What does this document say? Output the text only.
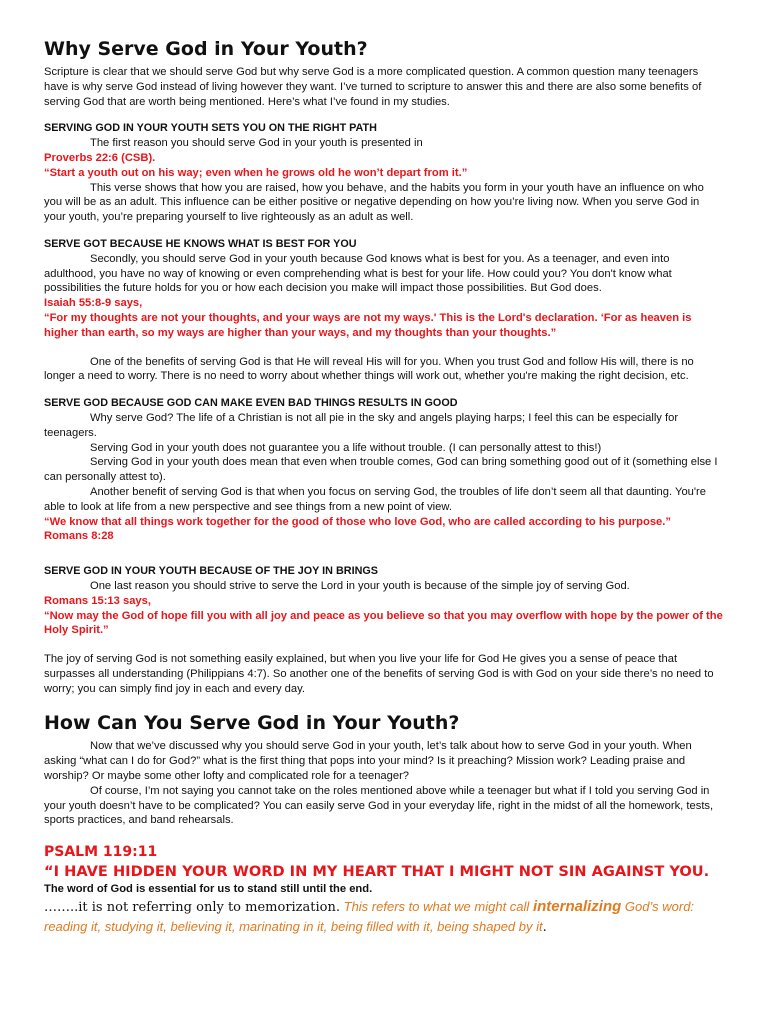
Why Serve God in Your Youth?

Scripture is clear that we should serve God but why serve God is a more complicated question. A common question many teenagers have is why serve God instead of living however they want. I’ve turned to scripture to answer this and there are also some benefits of serving God that are worth being mentioned. Here’s what I’ve found in my studies.

SERVING GOD IN YOUR YOUTH SETS YOU ON THE RIGHT PATH

The first reason you should serve God in your youth is presented in

Proverbs 22:6 (CSB).

“Start a youth out on his way; even when he grows old he won’t depart from it.”

This verse shows that how you are raised, how you behave, and the habits you form in your youth have an influence on who you will be as an adult. This influence can be either positive or negative depending on how you’re living now. When you serve God in your youth, you’re preparing yourself to live righteously as an adult as well.

SERVE GOT BECAUSE HE KNOWS WHAT IS BEST FOR YOU

Secondly, you should serve God in your youth because God knows what is best for you. As a teenager, and even into adulthood, you have no way of knowing or even comprehending what is best for your life. How could you? You don't know what possibilities the future holds for you or how each decision you make will impact those possibilities. But God does.

Isaiah 55:8-9 says,

“For my thoughts are not your thoughts, and your ways are not my ways.' This is the Lord's declaration. ‘For as heaven is higher than earth, so my ways are higher than your ways, and my thoughts than your thoughts.”

One of the benefits of serving God is that He will reveal His will for you. When you trust God and follow His will, there is no longer a need to worry. There is no need to worry about whether things will work out, whether you're making the right decision, etc.

SERVE GOD BECAUSE GOD CAN MAKE EVEN BAD THINGS RESULTS IN GOOD

Why serve God? The life of a Christian is not all pie in the sky and angels playing harps; I feel this can be especially for teenagers.

Serving God in your youth does not guarantee you a life without trouble. (I can personally attest to this!)

Serving God in your youth does mean that even when trouble comes, God can bring something good out of it (something else I can personally attest to).

Another benefit of serving God is that when you focus on serving God, the troubles of life don’t seem all that daunting. You're able to look at life from a new perspective and see things from a new point of view.

“We know that all things work together for the good of those who love God, who are called according to his purpose.”

Romans 8:28

SERVE GOD IN YOUR YOUTH BECAUSE OF THE JOY IN BRINGS

One last reason you should strive to serve the Lord in your youth is because of the simple joy of serving God.

Romans 15:13 says,

“Now may the God of hope fill you with all joy and peace as you believe so that you may overflow with hope by the power of the Holy Spirit.”

The joy of serving God is not something easily explained, but when you live your life for God He gives you a sense of peace that surpasses all understanding (Philippians 4:7). So another one of the benefits of serving God is with God on your side there’s no need to worry; you can simply find joy in each and every day.

How Can You Serve God in Your Youth?

Now that we’ve discussed why you should serve God in your youth, let’s talk about how to serve God in your youth. When asking “what can I do for God?” what is the first thing that pops into your mind? Is it preaching? Mission work? Leading praise and worship? Or maybe some other lofty and complicated role for a teenager?

Of course, I’m not saying you cannot take on the roles mentioned above while a teenager but what if I told you serving God in your youth doesn’t have to be complicated? You can easily serve God in your everyday life, right in the midst of all the homework, tests, sports practices, and band rehearsals.

PSALM 119:11

“I HAVE HIDDEN YOUR WORD IN MY HEART THAT I MIGHT NOT SIN AGAINST YOU.

The word of God is essential for us to stand still until the end.

……..it is not referring only to memorization. This refers to what we might call internalizing God’s word: reading it, studying it, believing it, marinating in it, being filled with it, being shaped by it.
